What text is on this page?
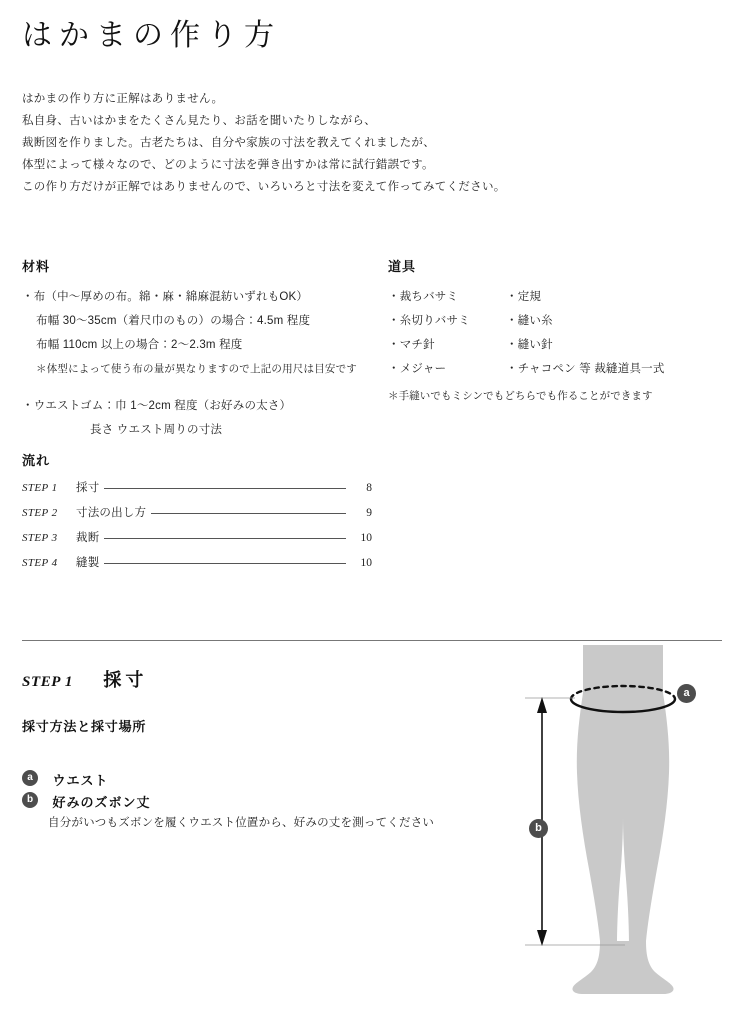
はかまの作り方
はかまの作り方に正解はありません。
私自身、古いはかまをたくさん見たり、お話を聞いたりしながら、
裁断図を作りました。古老たちは、自分や家族の寸法を教えてくれましたが、
体型によって様々なので、どのように寸法を弾き出すかは常に試行錯誤です。
この作り方だけが正解ではありませんので、いろいろと寸法を変えて作ってみてください。
材料
・布（中〜厚めの布。綿・麻・綿麻混紡いずれもOK）
布幅 30〜35cm（着尺巾のもの）の場合：4.5m 程度
布幅 110cm 以上の場合：2〜2.3m 程度
＊体型によって使う布の量が異なりますので上記の用尺は目安です
・ウエストゴム：巾 1〜2cm 程度（お好みの太さ）
長さ ウエスト周りの寸法
道具
・裁ちバサミ	・定規
・糸切りバサミ	・縫い糸
・マチ針	・縫い針
・メジャー	・チャコペン 等 裁縫道具一式
＊手縫いでもミシンでもどちらでも作ることができます
流れ
STEP 1	採寸	8
STEP 2	寸法の出し方	9
STEP 3	裁断	10
STEP 4	縫製	10
STEP 1 採寸
採寸方法と採寸場所
a ウエスト
b 好みのズボン丈
自分がいつもズボンを履くウエスト位置から、好みの丈を測ってください
a
b
